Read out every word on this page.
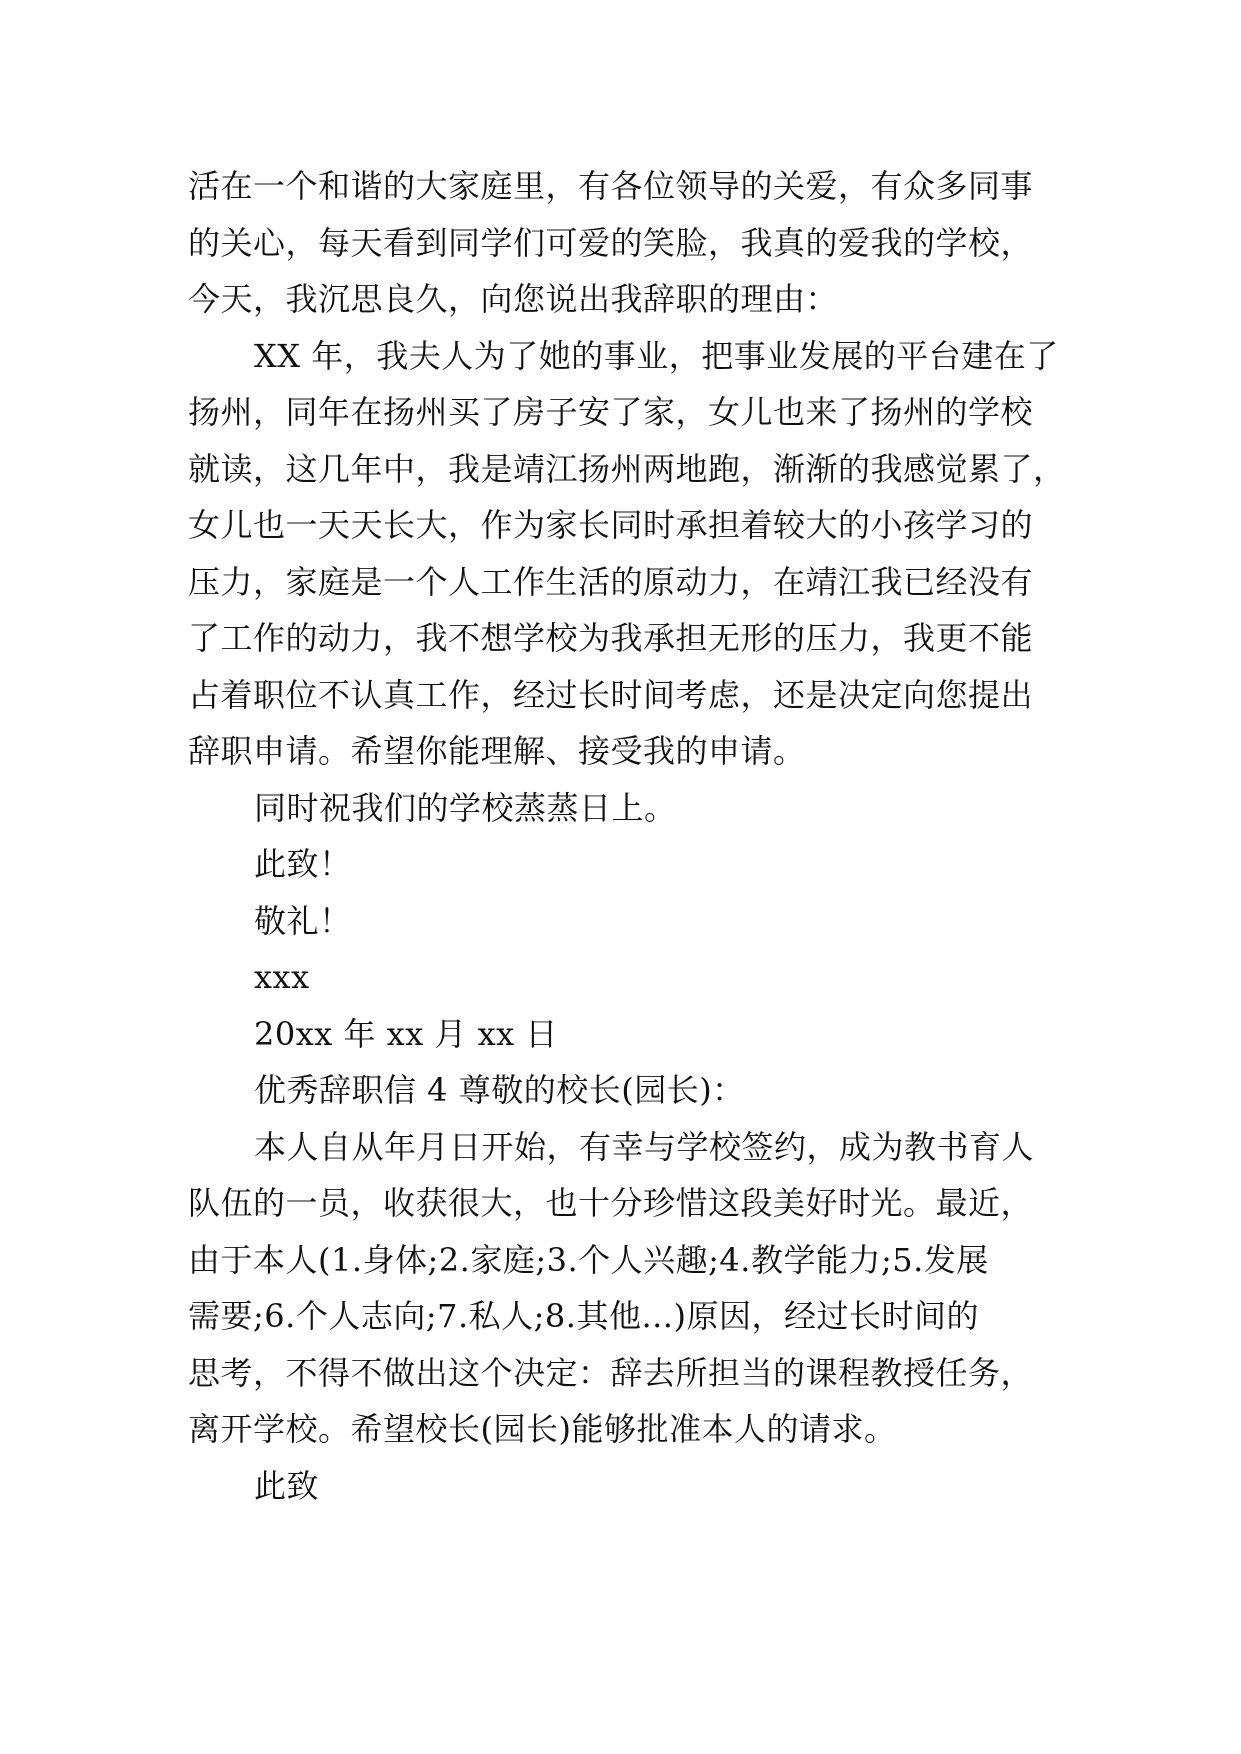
活在一个和谐的大家庭里，有各位领导的关爱，有众多同事
的关心，每天看到同学们可爱的笑脸，我真的爱我的学校，
今天，我沉思良久，向您说出我辞职的理由：
XX 年，我夫人为了她的事业，把事业发展的平台建在了
扬州，同年在扬州买了房子安了家，女儿也来了扬州的学校
就读，这几年中，我是靖江扬州两地跑，渐渐的我感觉累了，
女儿也一天天长大，作为家长同时承担着较大的小孩学习的
压力，家庭是一个人工作生活的原动力，在靖江我已经没有
了工作的动力，我不想学校为我承担无形的压力，我更不能
占着职位不认真工作，经过长时间考虑，还是决定向您提出
辞职申请。希望你能理解、接受我的申请。
同时祝我们的学校蒸蒸日上。
此致！
敬礼！
xxx
20xx 年 xx 月 xx 日
优秀辞职信 4 尊敬的校长(园长)：
本人自从年月日开始，有幸与学校签约，成为教书育人
队伍的一员，收获很大，也十分珍惜这段美好时光。最近，
由于本人(1.身体;2.家庭;3.个人兴趣;4.教学能力;5.发展
需要;6.个人志向;7.私人;8.其他...)原因，经过长时间的
思考，不得不做出这个决定：辞去所担当的课程教授任务，
离开学校。希望校长(园长)能够批准本人的请求。
此致
